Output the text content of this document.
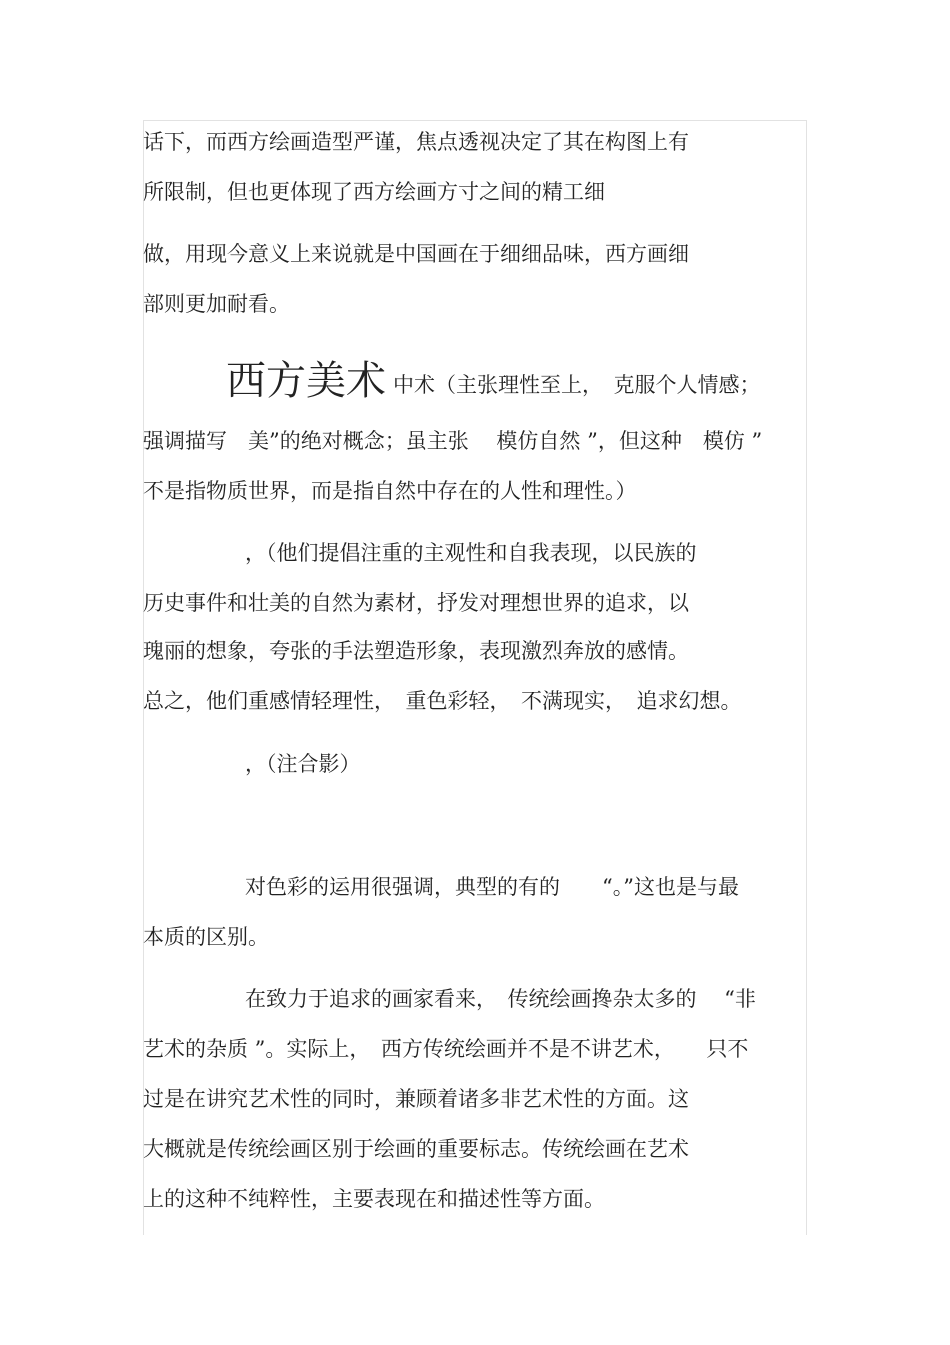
话下，而西方绘画造型严谨，焦点透视决定了其在构图上有
所限制，但也更体现了西方绘画方寸之间的精工细
做，用现今意义上来说就是中国画在于细细品味，西方画细
部则更加耐看。
西方美术 中术（主张理性至上，　克服个人情感；
强调描写　美”的绝对概念；虽主张　 模仿自然 ”，但这种　模仿 ”
不是指物质世界，而是指自然中存在的人性和理性。）
，（他们提倡注重的主观性和自我表现，以民族的
历史事件和壮美的自然为素材，抒发对理想世界的追求，以
瑰丽的想象，夸张的手法塑造形象，表现激烈奔放的感情。
总之，他们重感情轻理性，　重色彩轻，　不满现实，　追求幻想。
，（注合影）
对色彩的运用很强调，典型的有的　　“。”这也是与最
本质的区别。
在致力于追求的画家看来，　传统绘画搀杂太多的　 “非
艺术的杂质 ”。实际上，　西方传统绘画并不是不讲艺术，　　只不
过是在讲究艺术性的同时，兼顾着诸多非艺术性的方面。这
大概就是传统绘画区别于绘画的重要标志。传统绘画在艺术
上的这种不纯粹性，主要表现在和描述性等方面。
